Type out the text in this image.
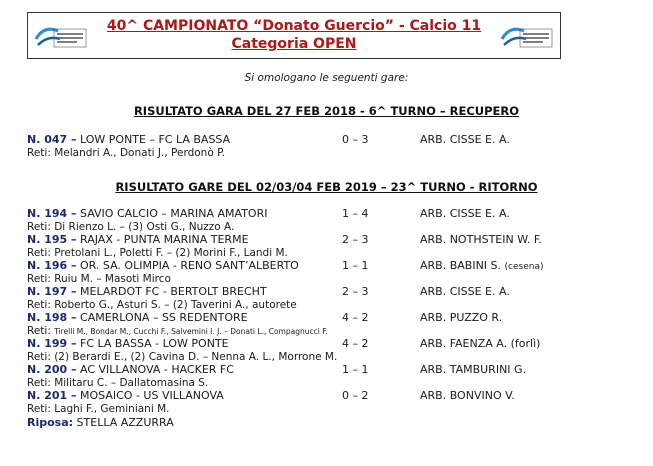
40^ CAMPIONATO “Donato Guercio” - Calcio 11
Categoria OPEN
Si omologano le seguenti gare:
RISULTATO GARA DEL 27 FEB 2018 - 6^ TURNO – RECUPERO
N. 047 – LOW PONTE – FC LA BASSA	0 – 3	ARB. CISSE E. A.
Reti: Melandri A., Donati J., Perdonò P.
RISULTATO GARE DEL 02/03/04 FEB 2019 – 23^ TURNO - RITORNO
N. 194 – SAVIO CALCIO – MARINA AMATORI	1 – 4	ARB. CISSE E. A.
Reti: Di Rienzo L. – (3) Osti G., Nuzzo A.
N. 195 – RAJAX - PUNTA MARINA TERME	2 – 3	ARB. NOTHSTEIN W. F.
Reti: Pretolani L., Poletti F. – (2) Morini F., Landi M.
N. 196 – OR. SA. OLIMPIA - RENO SANT’ALBERTO	1 – 1	ARB. BABINI S. (cesena)
Reti: Ruiu M. – Masoti Mirco
N. 197 – MELARDOT FC - BERTOLT BRECHT	2 – 3	ARB. CISSE E. A.
Reti: Roberto G., Asturi S. – (2) Taverini A., autorete
N. 198 – CAMERLONA – SS REDENTORE	4 – 2	ARB. PUZZO R.
Reti: Tirelli M., Bondar M., Cucchi F., Salvemini I. J. – Donati L., Compagnucci F.
N. 199 – FC LA BASSA - LOW PONTE	4 – 2	ARB. FAENZA A. (forlì)
Reti: (2) Berardi E., (2) Cavina D. – Nenna A. L., Morrone M.
N. 200 – AC VILLANOVA - HACKER FC	1 – 1	ARB. TAMBURINI G.
Reti: Militaru C. – Dallatomasina S.
N. 201 – MOSAICO - US VILLANOVA	0 – 2	ARB. BONVINO V.
Reti: Laghi F., Geminiani M.
Riposa: STELLA AZZURRA
